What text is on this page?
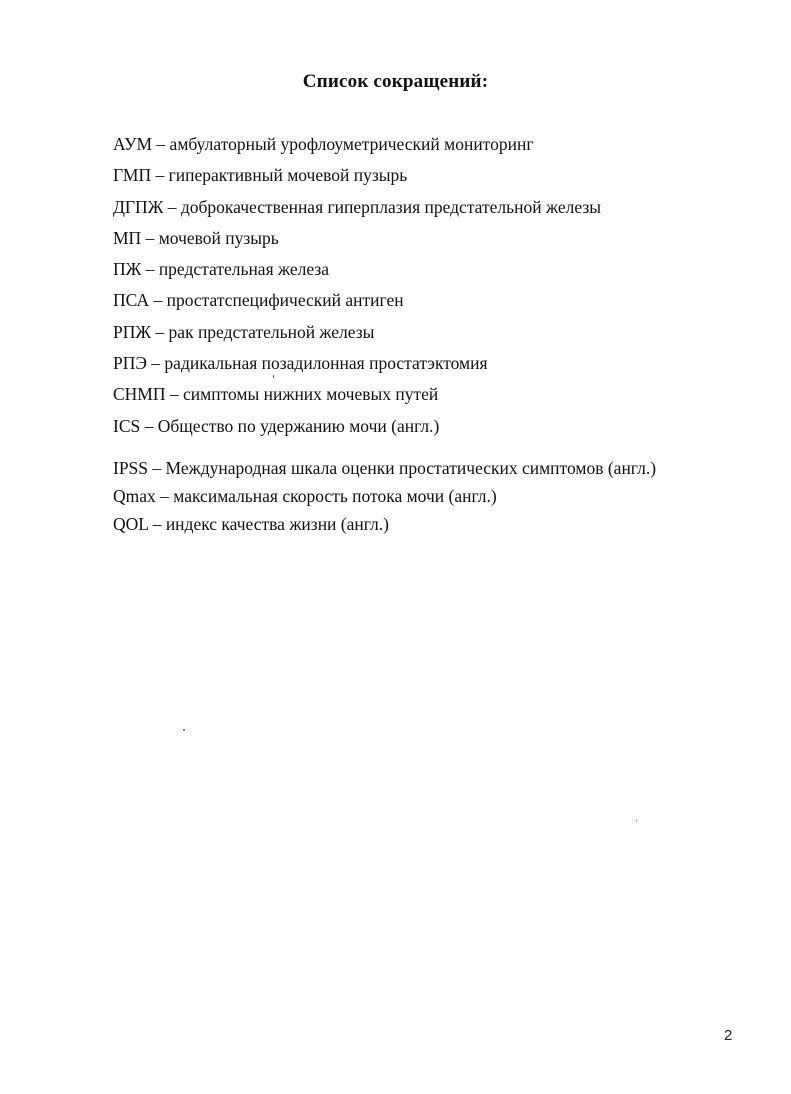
Список сокращений:
АУМ – амбулаторный урофлоуметрический мониторинг
ГМП – гиперактивный мочевой пузырь
ДГПЖ – доброкачественная гиперплазия предстательной железы
МП – мочевой пузырь
ПЖ – предстательная железа
ПСА – простатспецифический антиген
РПЖ – рак предстательной железы
РПЭ – радикальная позадилонная простатэктомия
СНМП – симптомы нижних мочевых путей
ICS – Общество по удержанию мочи (англ.)
IPSS – Международная шкала оценки простатических симптомов (англ.)
Qmax – максимальная скорость потока мочи (англ.)
QOL – индекс качества жизни (англ.)
2
